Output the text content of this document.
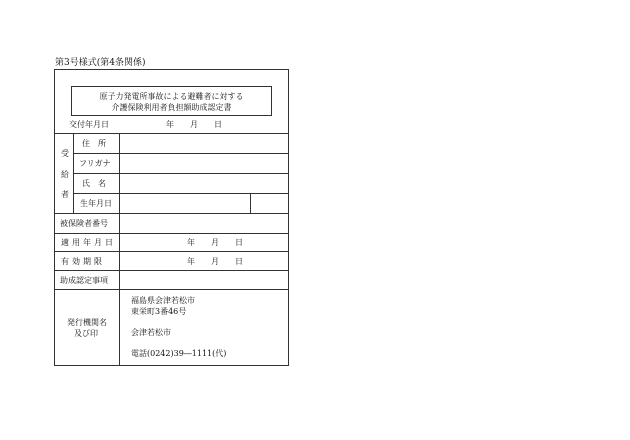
第3号様式(第4条関係)
原子力発電所事故による避難者に対する
介護保険利用者負担額助成認定書
交付年月日	年　　月　　日
受
給
者
住　所
フリガナ
氏　名
生年月日
被保険者番号
適用年月日	年　　月　　日
有効期限	年　　月　　日
助成認定事項
発行機関名
及び印
福島県会津若松市
東栄町3番46号
会津若松市
電話(0242)39―1111(代)
